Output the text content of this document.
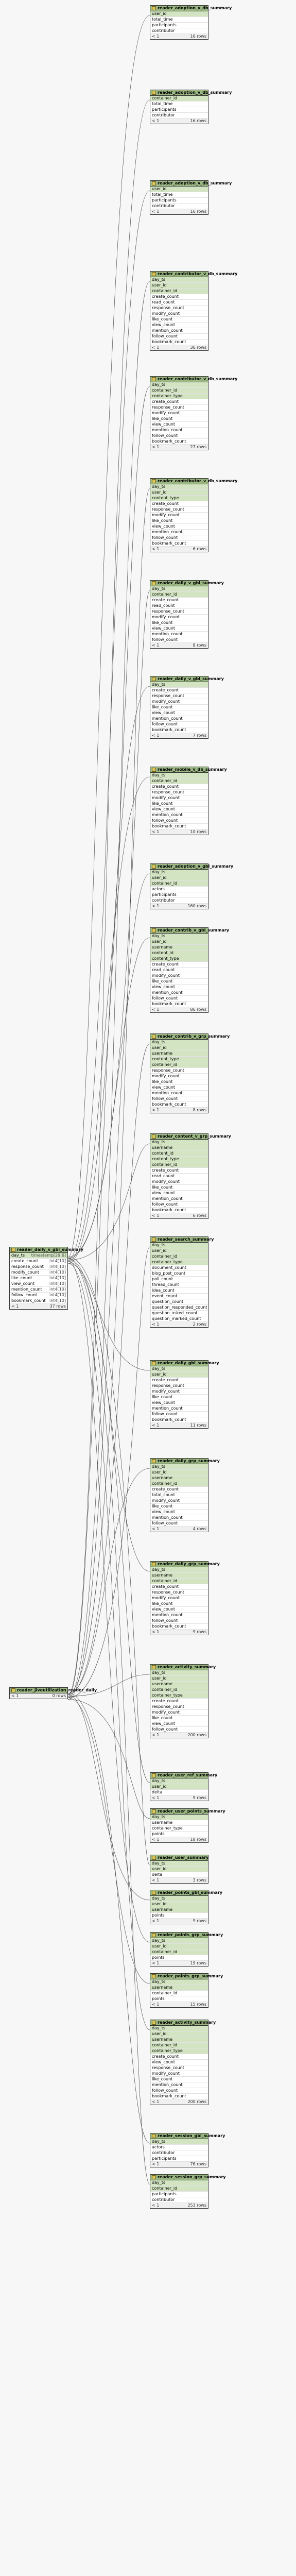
reader_adoption_v_db_summary
user_id
total_time
participants
contributor
16 rows
< 1
reader_adoption_v_db_summary
container_id
total_time
participants
contributor
16 rows
< 1
reader_adoption_v_db_summary
user_id
total_time
participants
contributor
16 rows
< 1
reader_contributor_v_db_summary
day_ts
user_id
container_id
create_count
read_count
response_count
modify_count
like_count
view_count
mention_count
follow_count
bookmark_count
36 rows
< 1
reader_contributor_v_db_summary
day_ts
container_id
container_type
create_count
response_count
modify_count
like_count
view_count
mention_count
follow_count
bookmark_count
27 rows
< 1
reader_contributor_v_db_summary
day_ts
user_id
content_type
create_count
response_count
modify_count
like_count
view_count
mention_count
follow_count
bookmark_count
6 rows
< 1
reader_daily_v_gbl_summary
day_ts
container_id
create_count
read_count
response_count
modify_count
like_count
view_count
mention_count
follow_count
8 rows
< 1
reader_daily_v_gbl_summary
day_ts
create_count
response_count
modify_count
like_count
view_count
mention_count
follow_count
bookmark_count
7 rows
< 1
reader_mobile_v_db_summary
day_ts
container_id
create_count
response_count
modify_count
like_count
view_count
mention_count
follow_count
bookmark_count
10 rows
< 1
reader_adoption_v_gbl_summary
day_ts
user_id
container_id
actors
participants
contributor
160 rows
< 1
reader_contrib_v_gbl_summary
day_ts
user_id
username
content_id
content_type
create_count
read_count
modify_count
like_count
view_count
mention_count
follow_count
bookmark_count
86 rows
< 1
reader_contrib_v_grp_summary
day_ts
user_id
username
content_type
container_id
response_count
modify_count
like_count
view_count
mention_count
follow_count
bookmark_count
8 rows
< 1
reader_content_v_grp_summary
day_ts
username
content_id
content_type
container_id
create_count
read_count
modify_count
like_count
view_count
mention_count
follow_count
bookmark_count
6 rows
< 1
reader_search_summary
day_ts
user_id
container_id
container_type
document_count
blog_post_count
poll_count
thread_count
idea_count
event_count
question_count
question_responded_count
question_asked_count
question_marked_count
2 rows
< 1
reader_daily_gbl_summary
day_ts
user_id
create_count
response_count
modify_count
like_count
view_count
mention_count
follow_count
bookmark_count
11 rows
< 1
reader_daily_grp_summary
day_ts
user_id
username
container_id
create_count
total_count
modify_count
like_count
view_count
mention_count
follow_count
4 rows
< 1
reader_daily_grp_summary
day_ts
username
container_id
create_count
response_count
modify_count
like_count
view_count
mention_count
follow_count
bookmark_count
9 rows
< 1
reader_activity_summary
day_ts
user_id
username
container_id
container_type
create_count
response_count
modify_count
like_count
view_count
follow_count
200 rows
< 1
reader_user_ref_summary
day_ts
user_id
delta
9 rows
< 1
reader_user_points_summary
day_ts
username
container_type
points
18 rows
< 1
reader_user_summary
day_ts
user_id
delta
3 rows
< 1
reader_points_gbl_summary
day_ts
user_id
username
points
9 rows
< 1
reader_points_grp_summary
day_ts
user_id
container_id
points
19 rows
< 1
reader_points_grp_summary
day_ts
username
container_id
points
15 rows
< 1
reader_activity_summary
day_ts
user_id
username
container_id
container_type
create_count
view_count
response_count
modify_count
like_count
mention_count
follow_count
bookmark_count
200 rows
< 1
reader_session_gbl_summary
day_ts
actors
contributor
participants
76 rows
< 1
reader_session_grp_summary
day_ts
container_id
participants
contributor
253 rows
< 1
reader_daily_v_gbl_summary
timestamp[29,6]
day_ts
int4[10]
create_count
int4[10]
response_count
int4[10]
modify_count
int4[10]
like_count
int4[10]
view_count
int4[10]
mention_count
int4[10]
follow_count
int4[10]
bookmark_count
37 rows
< 1
reader_jiveutilization_reader_daily
0 rows
< 1
